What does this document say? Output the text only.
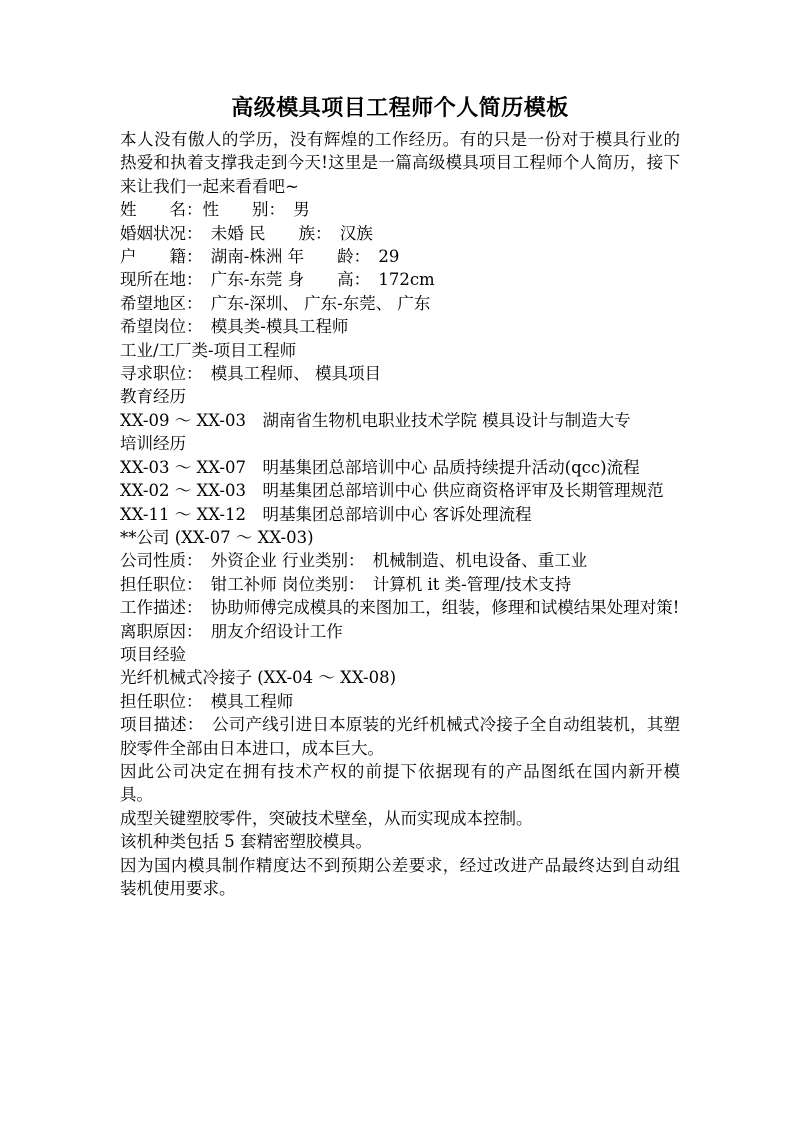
高级模具项目工程师个人简历模板

本人没有傲人的学历，没有辉煌的工作经历。有的只是一份对于模具行业的热爱和执着支撑我走到今天!这里是一篇高级模具项目工程师个人简历，接下来让我们一起来看看吧~

姓　　名：性　　别：　男

婚姻状况：　未婚 民　　族：　汉族

户　　籍：　湖南-株洲 年　　龄：　29

现所在地：　广东-东莞 身　　高：　172cm

希望地区：　广东-深圳、 广东-东莞、 广东

希望岗位：　模具类-模具工程师

工业/工厂类-项目工程师

寻求职位：　模具工程师、 模具项目

教育经历

XX-09 ～ XX-03　湖南省生物机电职业技术学院 模具设计与制造大专

培训经历

XX-03 ～ XX-07　明基集团总部培训中心 品质持续提升活动(qcc)流程

XX-02 ～ XX-03　明基集团总部培训中心 供应商资格评审及长期管理规范

XX-11 ～ XX-12　明基集团总部培训中心 客诉处理流程

**公司 (XX-07 ～ XX-03)

公司性质：　外资企业 行业类别：　机械制造、机电设备、重工业

担任职位：　钳工补师 岗位类别：　计算机 it 类-管理/技术支持

工作描述：　协助师傅完成模具的来图加工，组装，修理和试模结果处理对策!

离职原因：　朋友介绍设计工作

项目经验

光纤机械式冷接子 (XX-04 ～ XX-08)

担任职位：　模具工程师

项目描述：　公司产线引进日本原装的光纤机械式冷接子全自动组装机，其塑胶零件全部由日本进口，成本巨大。

因此公司决定在拥有技术产权的前提下依据现有的产品图纸在国内新开模具。

成型关键塑胶零件，突破技术壁垒，从而实现成本控制。

该机种类包括 5 套精密塑胶模具。

因为国内模具制作精度达不到预期公差要求，经过改进产品最终达到自动组装机使用要求。
